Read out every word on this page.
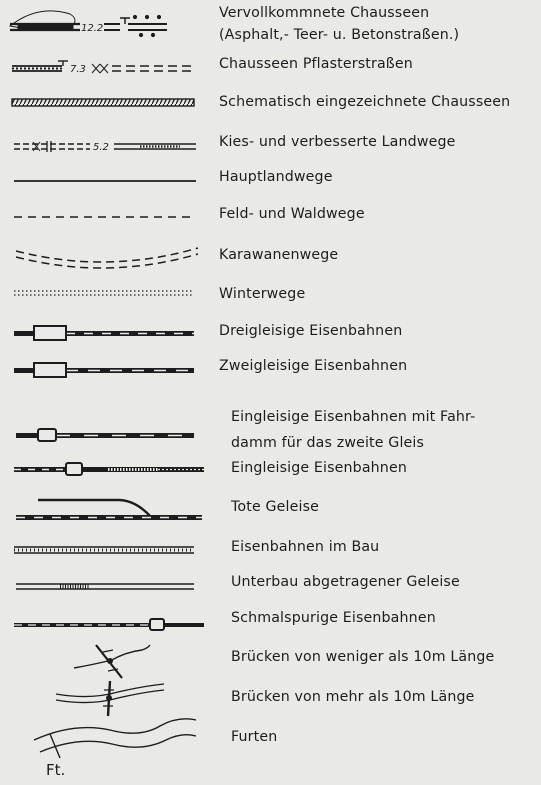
12.2
7.3
5.2
Ft.
Vervollkommnete Chausseen
(Asphalt,- Teer- u. Betonstraßen.)
Chausseen Pflasterstraßen
Schematisch eingezeichnete Chausseen
Kies- und verbesserte Landwege
Hauptlandwege
Feld- und Waldwege
Karawanenwege
Winterwege
Dreigleisige Eisenbahnen
Zweigleisige Eisenbahnen
Eingleisige Eisenbahnen mit Fahr-
damm für das zweite Gleis
Eingleisige Eisenbahnen
Tote Geleise
Eisenbahnen im Bau
Unterbau abgetragener Geleise
Schmalspurige Eisenbahnen
Brücken von weniger als 10m Länge
Brücken von mehr als 10m Länge
Furten
